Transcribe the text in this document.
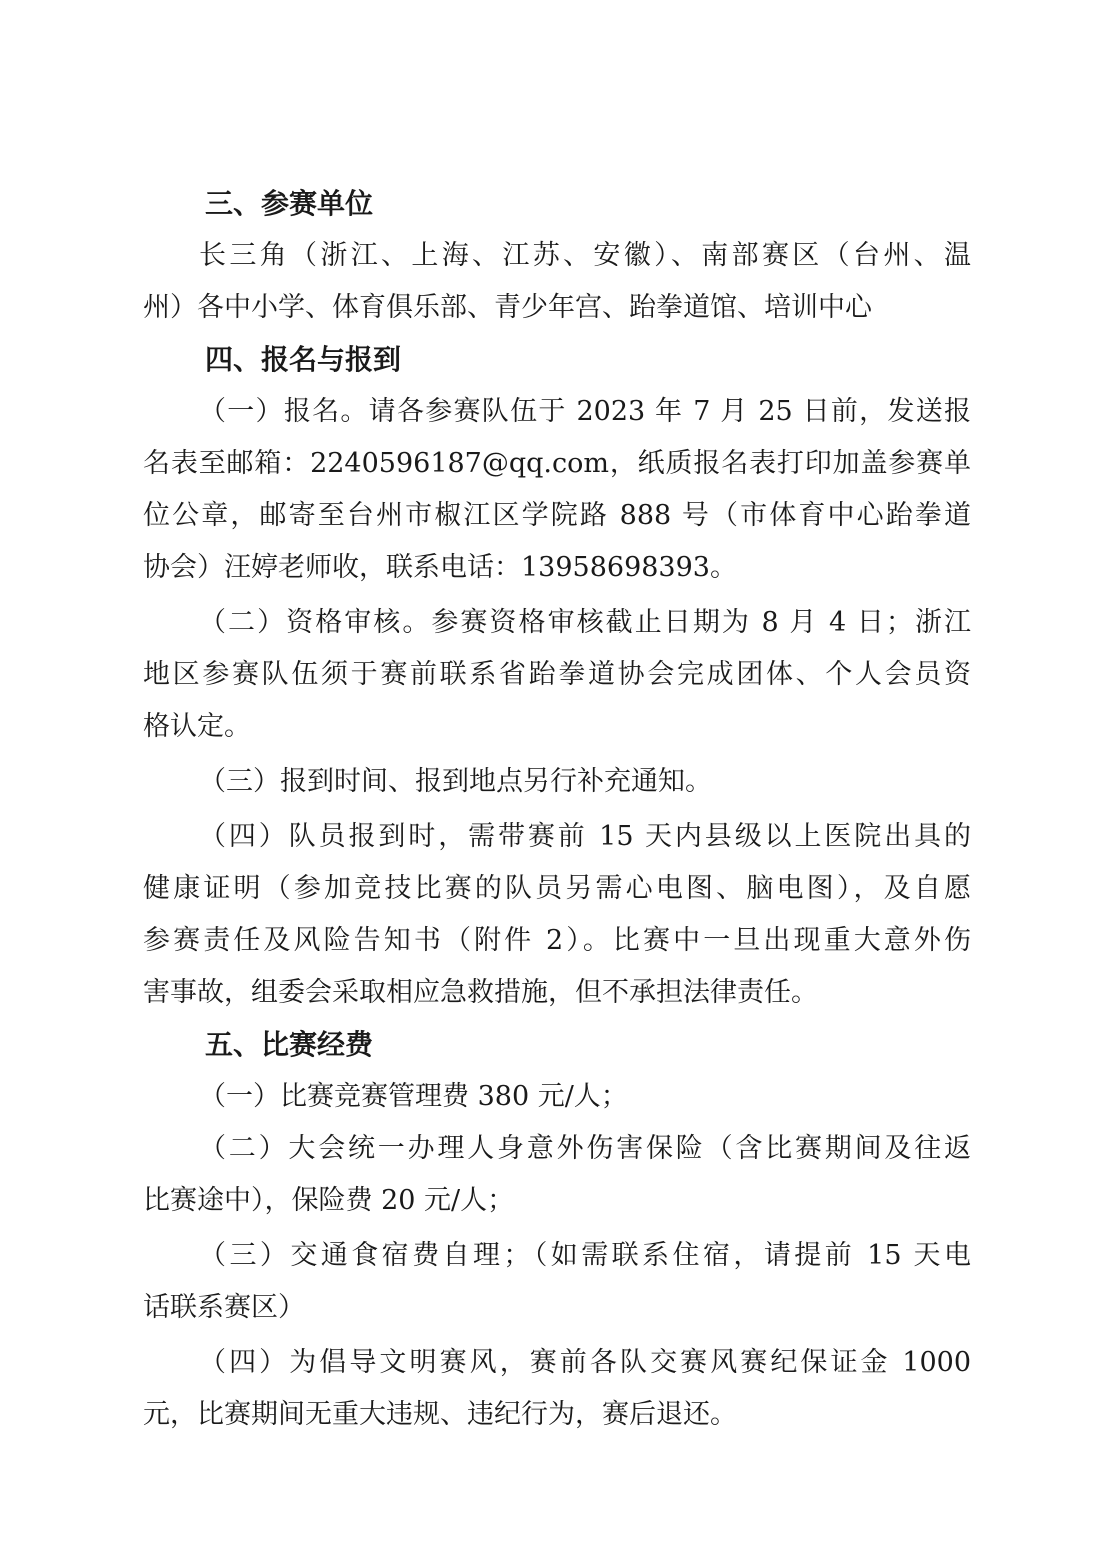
三、参赛单位
长三角（浙江、上海、江苏、安徽）、南部赛区（台州、温
州）各中小学、体育俱乐部、青少年宫、跆拳道馆、培训中心
四、报名与报到
（一）报名。请各参赛队伍于 2023 年 7 月 25 日前，发送报
名表至邮箱：2240596187@qq.com，纸质报名表打印加盖参赛单
位公章，邮寄至台州市椒江区学院路 888 号（市体育中心跆拳道
协会）汪婷老师收，联系电话：13958698393。
（二）资格审核。参赛资格审核截止日期为 8 月 4 日；浙江
地区参赛队伍须于赛前联系省跆拳道协会完成团体、个人会员资
格认定。
（三）报到时间、报到地点另行补充通知。
（四）队员报到时，需带赛前 15 天内县级以上医院出具的
健康证明（参加竞技比赛的队员另需心电图、脑电图），及自愿
参赛责任及风险告知书（附件 2）。比赛中一旦出现重大意外伤
害事故，组委会采取相应急救措施，但不承担法律责任。
五、比赛经费
（一）比赛竞赛管理费 380 元/人；
（二）大会统一办理人身意外伤害保险（含比赛期间及往返
比赛途中），保险费 20 元/人；
（三）交通食宿费自理；（如需联系住宿，请提前 15 天电
话联系赛区）
（四）为倡导文明赛风，赛前各队交赛风赛纪保证金 1000
元，比赛期间无重大违规、违纪行为，赛后退还。
